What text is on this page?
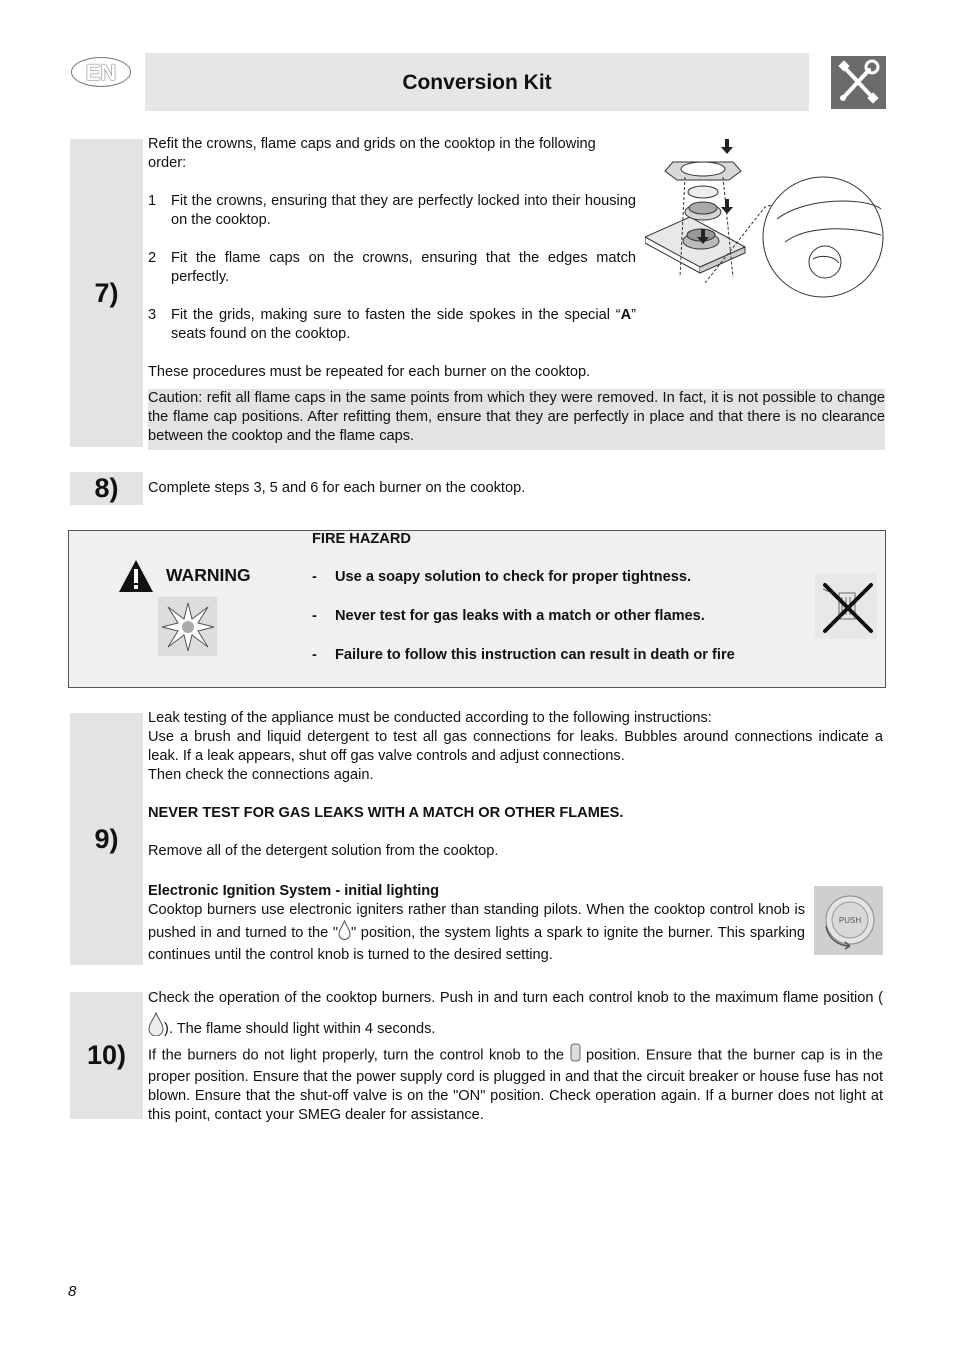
EN	Conversion Kit
7)

Refit the crowns, flame caps and grids on the cooktop in the following order:

1	Fit the crowns, ensuring that they are perfectly locked into their housing on the cooktop.
2	Fit the flame caps on the crowns, ensuring that the edges match perfectly.
3	Fit the grids, making sure to fasten the side spokes in the special “A” seats found on the cooktop.

These procedures must be repeated for each burner on the cooktop.

Caution: refit all flame caps in the same points from which they were removed. In fact, it is not possible to change the flame cap positions. After refitting them, ensure that they are perfectly in place and that there is no clearance between the cooktop and the flame caps.

8) Complete steps 3, 5 and 6 for each burner on the cooktop.

WARNING
FIRE HAZARD
-	Use a soapy solution to check for proper tightness.
-	Never test for gas leaks with a match or other flames.
-	Failure to follow this instruction can result in death or fire
9)

Leak testing of the appliance must be conducted according to the following instructions:

Use a brush and liquid detergent to test all gas connections for leaks. Bubbles around connections indicate a leak. If a leak appears, shut off gas valve controls and adjust connections.

Then check the connections again.

NEVER TEST FOR GAS LEAKS WITH A MATCH OR OTHER FLAMES.

Remove all of the detergent solution from the cooktop.

Electronic Ignition System - initial lighting

Cooktop burners use electronic igniters rather than standing pilots. When the cooktop control knob is pushed in and turned to the " " position, the system lights a spark to ignite the burner. This sparking continues until the control knob is turned to the desired setting.

PUSH
10)

Check the operation of the cooktop burners. Push in and turn each control knob to the maximum flame position (). The flame should light within 4 seconds.

If the burners do not light properly, turn the control knob to the  position. Ensure that the burner cap is in the proper position. Ensure that the power supply cord is plugged in and that the circuit breaker or house fuse has not blown. Ensure that the shut-off valve is on the "ON" position. Check operation again. If a burner does not light at this point, contact your SMEG dealer for assistance.

8
